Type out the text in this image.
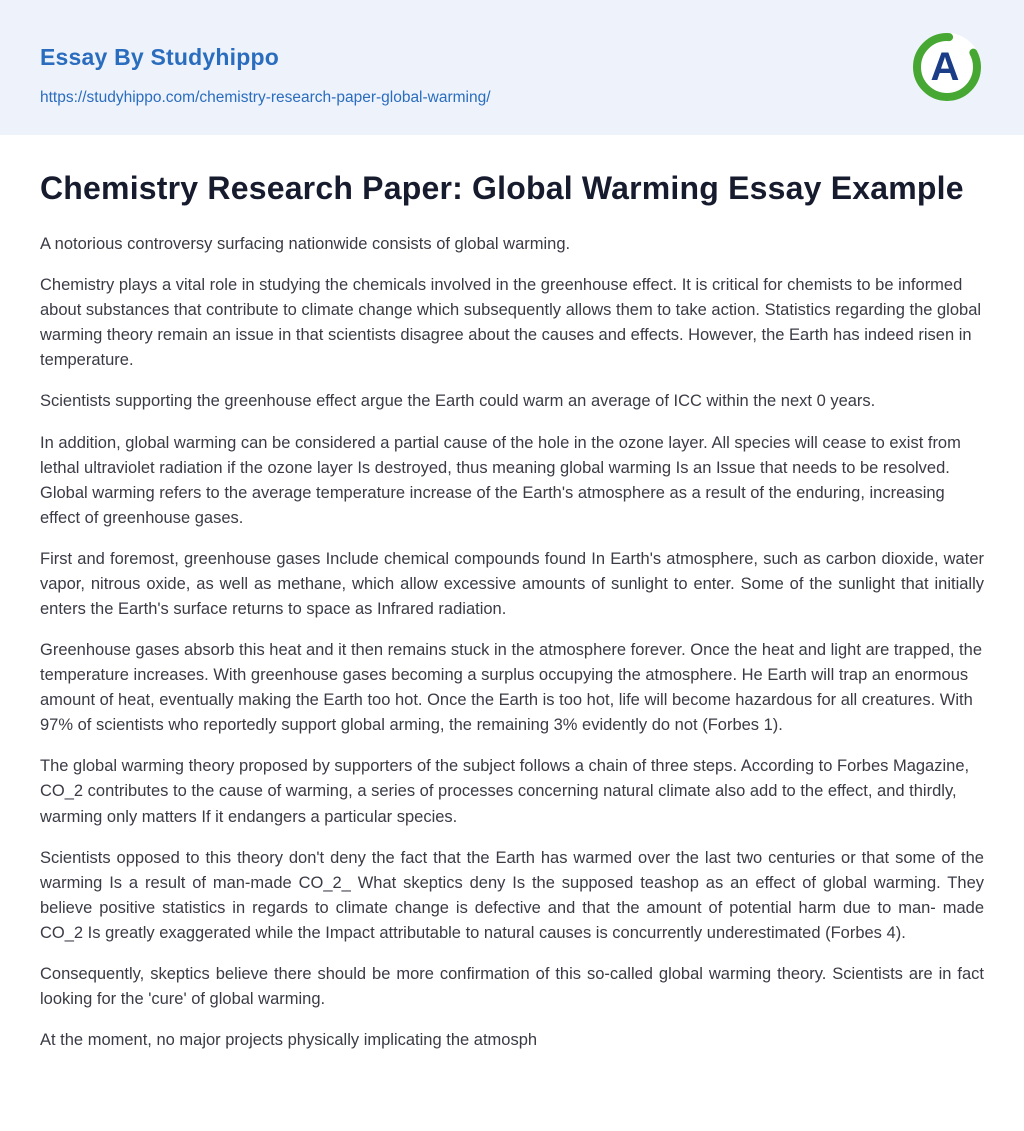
Essay By Studyhippo
https://studyhippo.com/chemistry-research-paper-global-warming/
A
Chemistry Research Paper: Global Warming Essay Example

A notorious controversy surfacing nationwide consists of global warming.

Chemistry plays a vital role in studying the chemicals involved in the greenhouse effect. It is critical for chemists to be informed about substances that contribute to climate change which subsequently allows them to take action. Statistics regarding the global warming theory remain an issue in that scientists disagree about the causes and effects. However, the Earth has indeed risen in temperature.

Scientists supporting the greenhouse effect argue the Earth could warm an average of ICC within the next 0 years.

In addition, global warming can be considered a partial cause of the hole in the ozone layer. All species will cease to exist from lethal ultraviolet radiation if the ozone layer Is destroyed, thus meaning global warming Is an Issue that needs to be resolved. Global warming refers to the average temperature increase of the Earth's atmosphere as a result of the enduring, increasing effect of greenhouse gases.

First and foremost, greenhouse gases Include chemical compounds found In Earth's atmosphere, such as carbon dioxide, water vapor, nitrous oxide, as well as methane, which allow excessive amounts of sunlight to enter. Some of the sunlight that initially enters the Earth's surface returns to space as Infrared radiation.

Greenhouse gases absorb this heat and it then remains stuck in the atmosphere forever. Once the heat and light are trapped, the temperature increases. With greenhouse gases becoming a surplus occupying the atmosphere. He Earth will trap an enormous amount of heat, eventually making the Earth too hot. Once the Earth is too hot, life will become hazardous for all creatures. With 97% of scientists who reportedly support global arming, the remaining 3% evidently do not (Forbes 1).

The global warming theory proposed by supporters of the subject follows a chain of three steps. According to Forbes Magazine, CO_2 contributes to the cause of warming, a series of processes concerning natural climate also add to the effect, and thirdly, warming only matters If it endangers a particular species.

Scientists opposed to this theory don't deny the fact that the Earth has warmed over the last two centuries or that some of the warming Is a result of man-made CO_2_ What skeptics deny Is the supposed teashop as an effect of global warming. They believe positive statistics in regards to climate change is defective and that the amount of potential harm due to man- made CO_2 Is greatly exaggerated while the Impact attributable to natural causes is concurrently underestimated (Forbes 4).

Consequently, skeptics believe there should be more confirmation of this so-called global warming theory. Scientists are in fact looking for the 'cure' of global warming.

At the moment, no major projects physically implicating the atmosph
